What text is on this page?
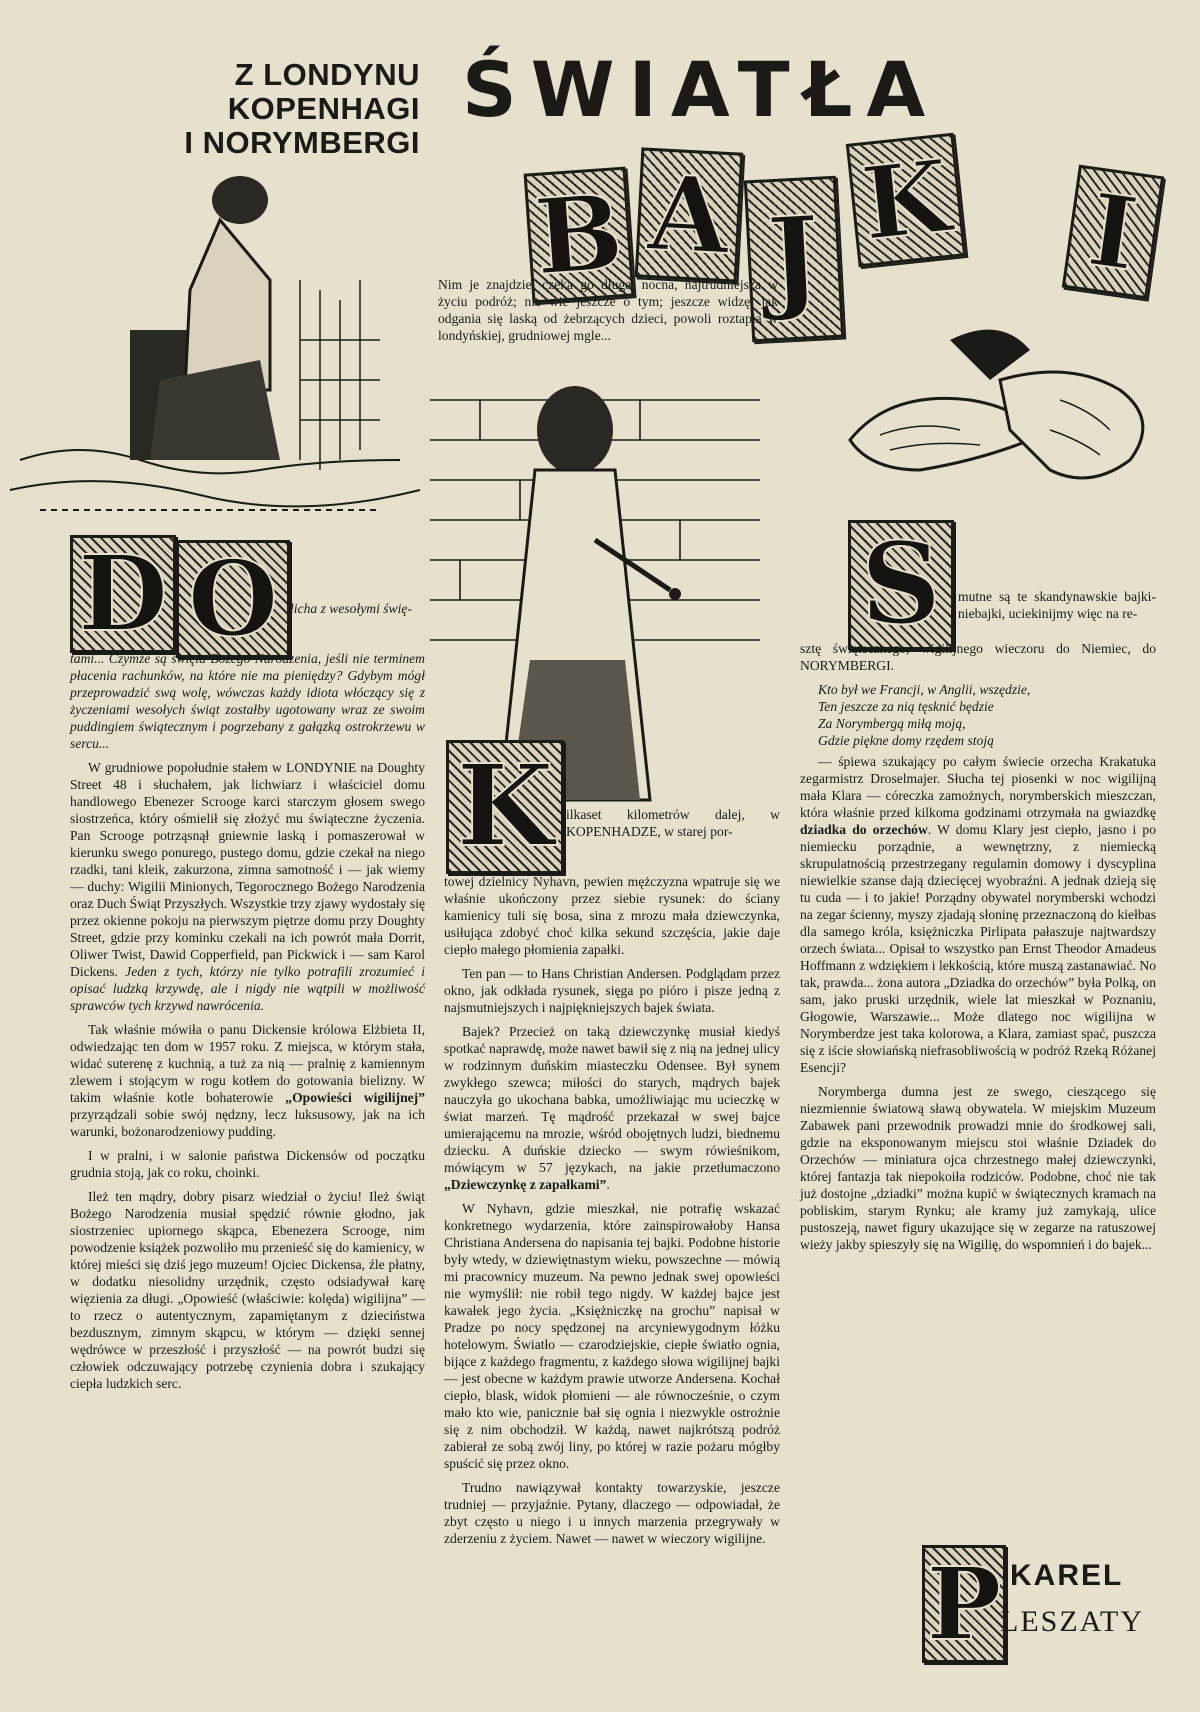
Z LONDYNU
KOPENHAGI
I NORYMBERGI
ŚWIATŁA
B A J K I
Nim je znajdzie, czeka go długa, nocna, najtrudniejsza w życiu podróż; nie wie jeszcze o tym; jeszcze widzę, jak odgania się laską od żebrzących dzieci, powoli roztapia w londyńskiej, grudniowej mgle...
D O licha z wesołymi świę-

tami... Czymże są święta Bożego Narodzenia, jeśli nie terminem płacenia rachunków, na które nie ma pieniędzy? Gdybym mógł przeprowadzić swą wolę, wówczas każdy idiota włóczący się z życzeniami wesołych świąt zostałby ugotowany wraz ze swoim puddingiem świątecznym i pogrzebany z gałązką ostrokrzewu w sercu...

W grudniowe popołudnie stałem w LONDYNIE na Doughty Street 48 i słuchałem, jak lichwiarz i właściciel domu handlowego Ebenezer Scrooge karci starczym głosem swego siostrzeńca, który ośmielił się złożyć mu świąteczne życzenia. Pan Scrooge potrząsnął gniewnie laską i pomaszerował w kierunku swego ponurego, pustego domu, gdzie czekał na niego rzadki, tani kleik, zakurzona, zimna samotność i — jak wiemy — duchy: Wigilii Minionych, Tegorocznego Bożego Narodzenia oraz Duch Świąt Przyszłych. Wszystkie trzy zjawy wydostały się przez okienne pokoju na pierwszym piętrze domu przy Doughty Street, gdzie przy kominku czekali na ich powrót mała Dorrit, Oliwer Twist, Dawid Copperfield, pan Pickwick i — sam Karol Dickens. Jeden z tych, którzy nie tylko potrafili zrozumieć i opisać ludzką krzywdę, ale i nigdy nie wątpili w możliwość sprawców tych krzywd nawrócenia.

Tak właśnie mówiła o panu Dickensie królowa Elżbieta II, odwiedzając ten dom w 1957 roku. Z miejsca, w którym stała, widać suterenę z kuchnią, a tuż za nią — pralnię z kamiennym zlewem i stojącym w rogu kotłem do gotowania bielizny. W takim właśnie kotle bohaterowie „Opowieści wigilijnej” przyrządzali sobie swój nędzny, lecz luksusowy, jak na ich warunki, bożonarodzeniowy pudding.

I w pralni, i w salonie państwa Dickensów od początku grudnia stoją, jak co roku, choinki.

Ileż ten mądry, dobry pisarz wiedział o życiu! Ileż świąt Bożego Narodzenia musiał spędzić równie głodno, jak siostrzeniec upiornego skąpca, Ebenezera Scrooge, nim powodzenie książek pozwoliło mu przenieść się do kamienicy, w której mieści się dziś jego muzeum! Ojciec Dickensa, źle płatny, w dodatku niesolidny urzędnik, często odsiadywał karę więzienia za długi. „Opowieść (właściwie: kolęda) wigilijna” — to rzecz o autentycznym, zapamiętanym z dzieciństwa bezdusznym, zimnym skąpcu, w którym — dzięki sennej wędrówce w przeszłość i przyszłość — na powrót budzi się człowiek odczuwający potrzebę czynienia dobra i szukający ciepła ludzkich serc.

K ilkaset kilometrów dalej, w KOPENHADZE, w starej por-

towej dzielnicy Nyhavn, pewien mężczyzna wpatruje się we właśnie ukończony przez siebie rysunek: do ściany kamienicy tuli się bosa, sina z mrozu mała dziewczynka, usiłująca zdobyć choć kilka sekund szczęścia, jakie daje ciepło małego płomienia zapałki.

Ten pan — to Hans Christian Andersen. Podglądam przez okno, jak odkłada rysunek, sięga po pióro i pisze jedną z najsmutniejszych i najpiękniejszych bajek świata.

Bajek? Przecież on taką dziewczynkę musiał kiedyś spotkać naprawdę, może nawet bawił się z nią na jednej ulicy w rodzinnym duńskim miasteczku Odensee. Był synem zwykłego szewca; miłości do starych, mądrych bajek nauczyła go ukochana babka, umożliwiając mu ucieczkę w świat marzeń. Tę mądrość przekazał w swej bajce umierającemu na mrozie, wśród obojętnych ludzi, biednemu dziecku. A duńskie dziecko — swym rówieśnikom, mówiącym w 57 językach, na jakie przetłumaczono „Dziewczynkę z zapałkami”.

W Nyhavn, gdzie mieszkał, nie potrafię wskazać konkretnego wydarzenia, które zainspirowałoby Hansa Christiana Andersena do napisania tej bajki. Podobne historie były wtedy, w dziewiętnastym wieku, powszechne — mówią mi pracownicy muzeum. Na pewno jednak swej opowieści nie wymyślił: nie robił tego nigdy. W każdej bajce jest kawałek jego życia. „Księżniczkę na grochu” napisał w Pradze po nocy spędzonej na arcyniewygodnym łóżku hotelowym. Światło — czarodziejskie, ciepłe światło ognia, bijące z każdego fragmentu, z każdego słowa wigilijnej bajki — jest obecne w każdym prawie utworze Andersena. Kochał ciepło, blask, widok płomieni — ale równocześnie, o czym mało kto wie, panicznie bał się ognia i niezwykle ostrożnie się z nim obchodził. W każdą, nawet najkrótszą podróż zabierał ze sobą zwój liny, po której w razie pożaru mógłby spuścić się przez okno.

Trudno nawiązywał kontakty towarzyskie, jeszcze trudniej — przyjaźnie. Pytany, dlaczego — odpowiadał, że zbyt często u niego i u innych marzenia przegrywały w zderzeniu z życiem. Nawet — nawet w wieczory wigilijne.

S mutne są te skandynawskie bajki-niebajki, uciekinijmy więc na re-

sztę świątecznego, wigilijnego wieczoru do Niemiec, do NORYMBERGI.

Kto był we Francji, w Anglii, wszędzie,
Ten jeszcze za nią tęsknić będzie
Za Norymbergą miłą moją,
Gdzie piękne domy rzędem stoją

— śpiewa szukający po całym świecie orzecha Krakatuka zegarmistrz Droselmajer. Słucha tej piosenki w noc wigilijną mała Klara — córeczka zamożnych, norymberskich mieszczan, która właśnie przed kilkoma godzinami otrzymała na gwiazdkę dziadka do orzechów. W domu Klary jest ciepło, jasno i po niemiecku porządnie, a wewnętrzny, z niemiecką skrupulatnością przestrzegany regulamin domowy i dyscyplina niewielkie szanse dają dziecięcej wyobraźni. A jednak dzieją się tu cuda — i to jakie! Porządny obywatel norymberski wchodzi na zegar ścienny, myszy zjadają słoninę przeznaczoną do kiełbas dla samego króla, księżniczka Pirlipata pałaszuje najtwardszy orzech świata... Opisał to wszystko pan Ernst Theodor Amadeus Hoffmann z wdziękiem i lekkością, które muszą zastanawiać. No tak, prawda... żona autora „Dziadka do orzechów” była Polką, on sam, jako pruski urzędnik, wiele lat mieszkał w Poznaniu, Głogowie, Warszawie... Może dlatego noc wigilijna w Norymberdze jest taka kolorowa, a Klara, zamiast spać, puszcza się z iście słowiańską niefrasobliwością w podróż Rzeką Różanej Esencji?

Norymberga dumna jest ze swego, cieszącego się niezmiennie światową sławą obywatela. W miejskim Muzeum Zabawek pani przewodnik prowadzi mnie do środkowej sali, gdzie na eksponowanym miejscu stoi właśnie Dziadek do Orzechów — miniatura ojca chrzestnego małej dziewczynki, której fantazja tak niepokoiła rodziców. Podobne, choć nie tak już dostojne „dziadki” można kupić w świątecznych kramach na pobliskim, starym Rynku; ale kramy już zamykają, ulice pustoszeją, nawet figury ukazujące się w zegarze na ratuszowej wieży jakby spieszyły się na Wigilię, do wspomnień i do bajek...

P KAREL
LESZATY
